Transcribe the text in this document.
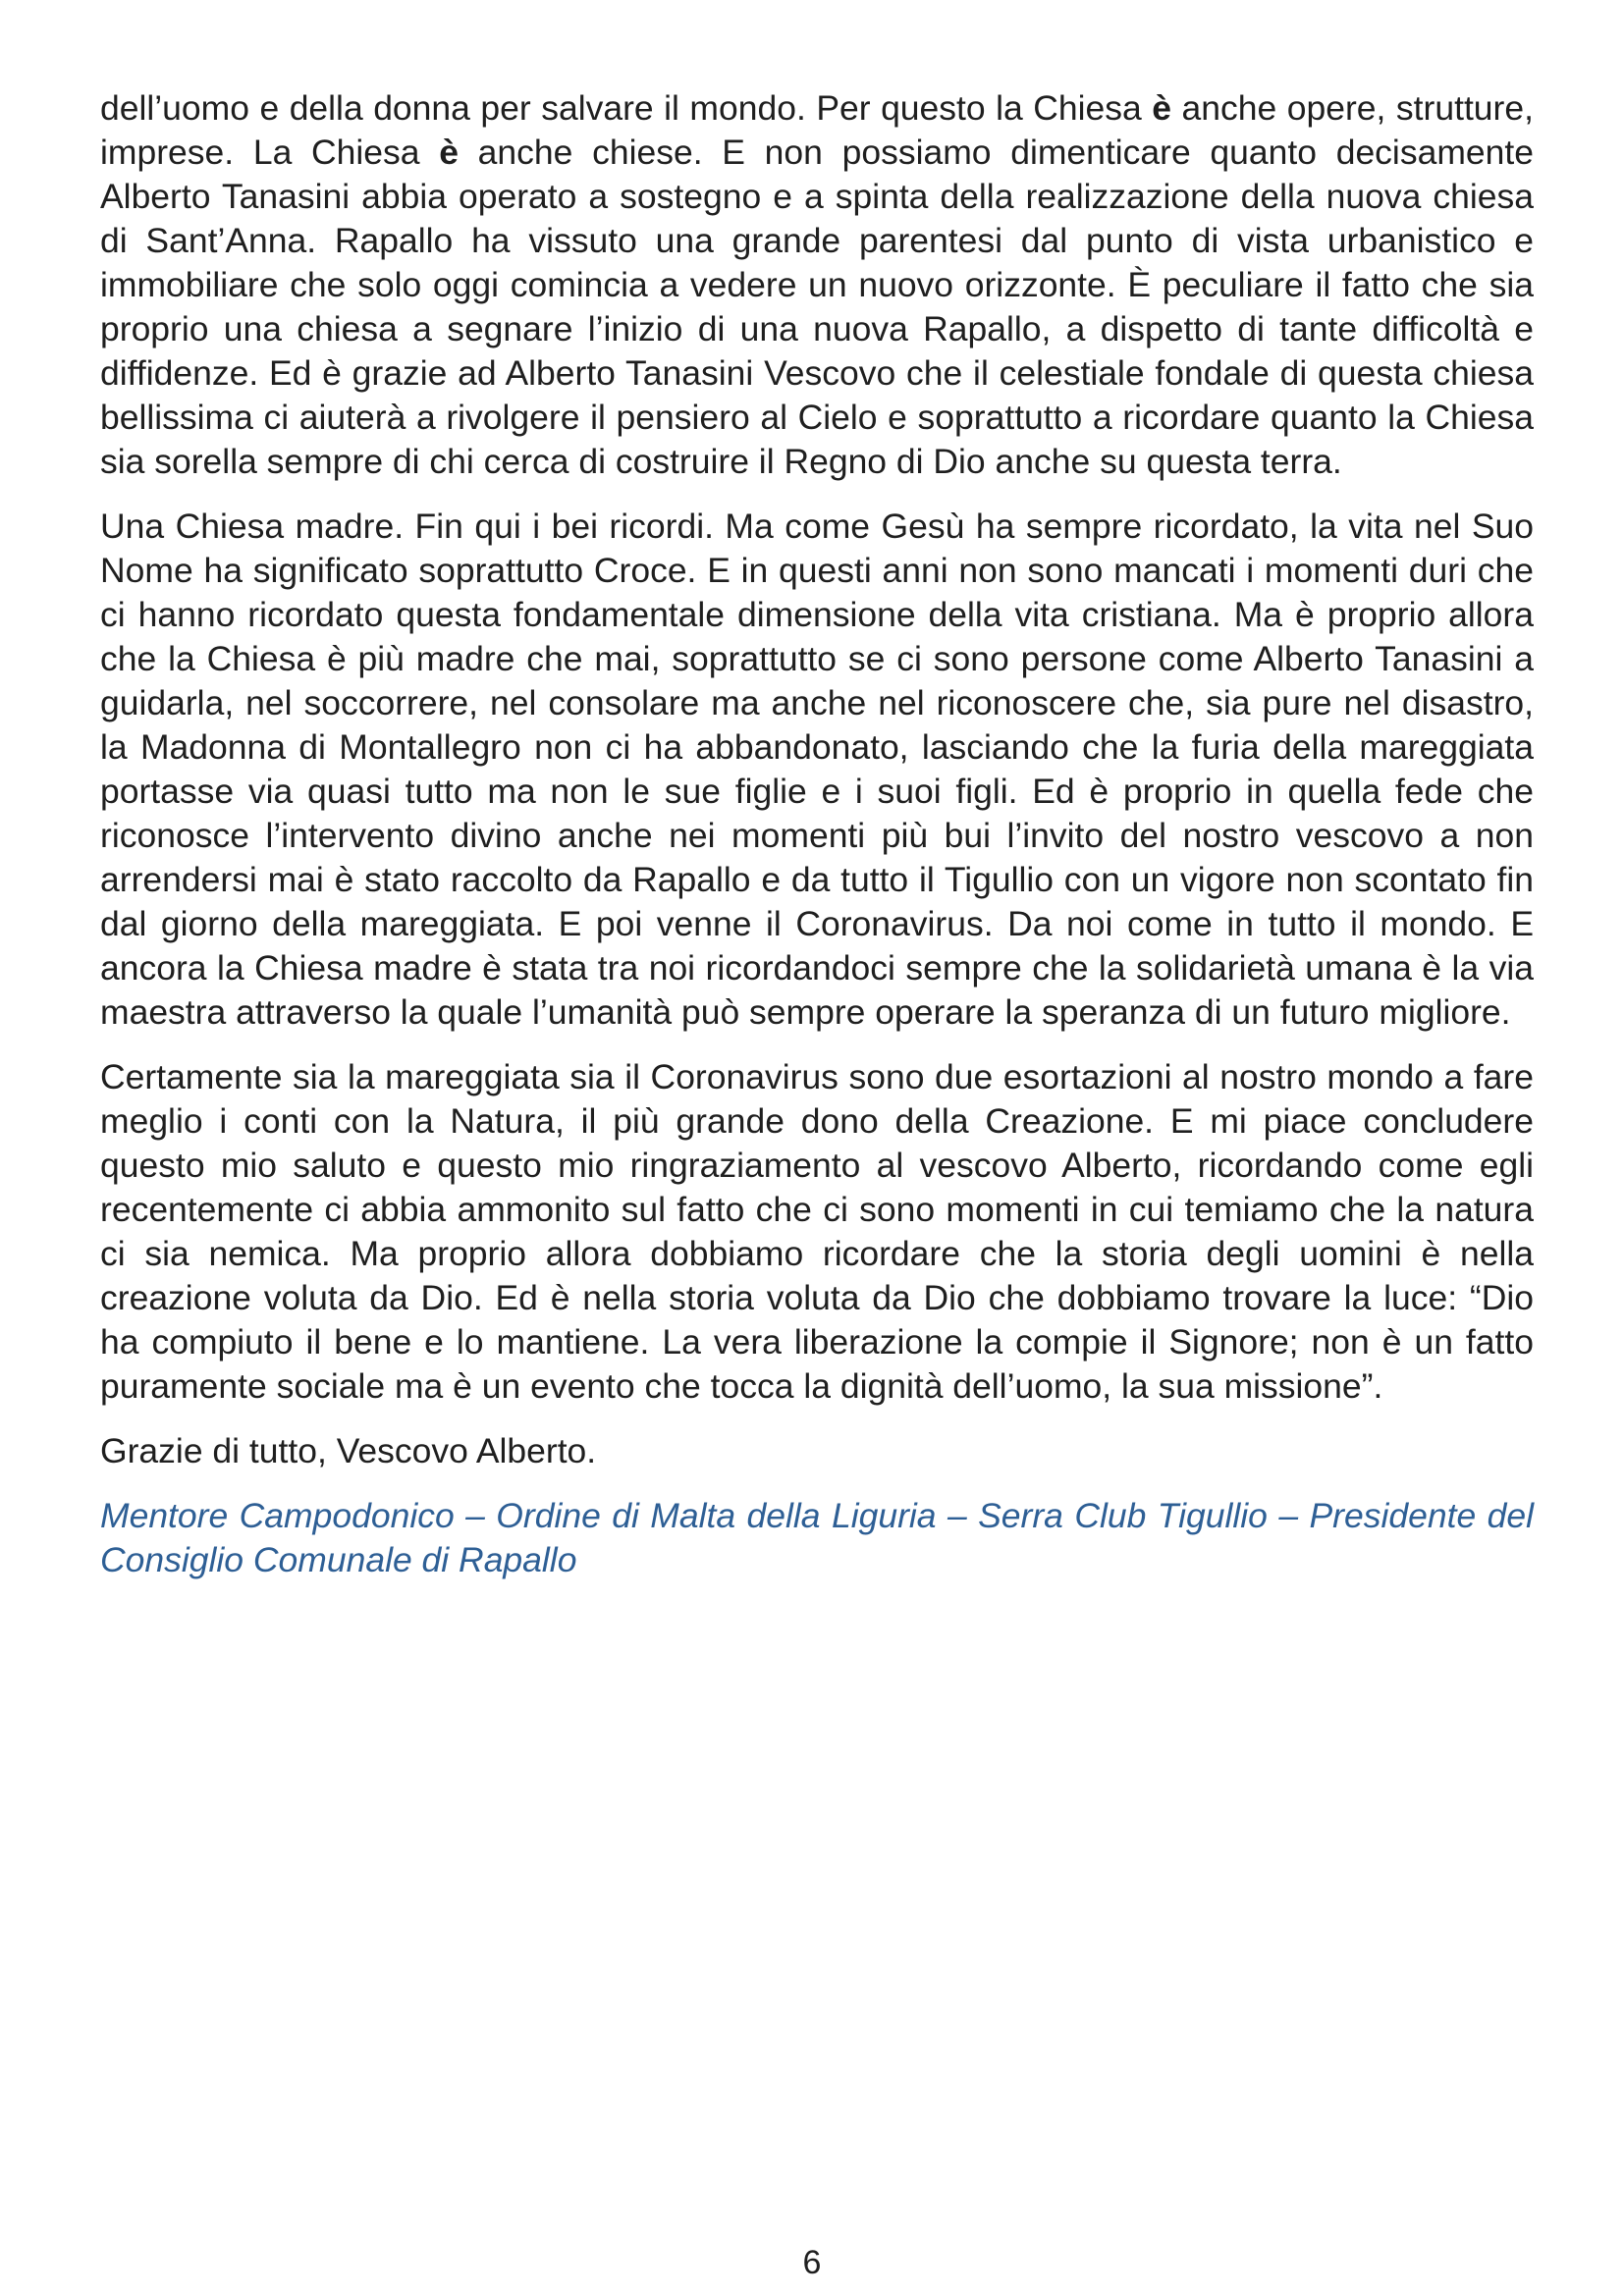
dell’uomo e della donna per salvare il mondo. Per questo la Chiesa è anche opere, strutture, imprese. La Chiesa è anche chiese. E non possiamo dimenticare quanto decisamente Alberto Tanasini abbia operato a sostegno e a spinta della realizzazione della nuova chiesa di Sant’Anna. Rapallo ha vissuto una grande parentesi dal punto di vista urbanistico e immobiliare che solo oggi comincia a vedere un nuovo orizzonte. È peculiare il fatto che sia proprio una chiesa a segnare l’inizio di una nuova Rapallo, a dispetto di tante difficoltà e diffidenze. Ed è grazie ad Alberto Tanasini Vescovo che il celestiale fondale di questa chiesa bellissima ci aiuterà a rivolgere il pensiero al Cielo e soprattutto a ricordare quanto la Chiesa sia sorella sempre di chi cerca di costruire il Regno di Dio anche su questa terra.

Una Chiesa madre. Fin qui i bei ricordi. Ma come Gesù ha sempre ricordato, la vita nel Suo Nome ha significato soprattutto Croce. E in questi anni non sono mancati i momenti duri che ci hanno ricordato questa fondamentale dimensione della vita cristiana. Ma è proprio allora che la Chiesa è più madre che mai, soprattutto se ci sono persone come Alberto Tanasini a guidarla, nel soccorrere, nel consolare ma anche nel riconoscere che, sia pure nel disastro, la Madonna di Montallegro non ci ha abbandonato, lasciando che la furia della mareggiata portasse via quasi tutto ma non le sue figlie e i suoi figli. Ed è proprio in quella fede che riconosce l’intervento divino anche nei momenti più bui l’invito del nostro vescovo a non arrendersi mai è stato raccolto da Rapallo e da tutto il Tigullio con un vigore non scontato fin dal giorno della mareggiata. E poi venne il Coronavirus. Da noi come in tutto il mondo. E ancora la Chiesa madre è stata tra noi ricordandoci sempre che la solidarietà umana è la via maestra attraverso la quale l’umanità può sempre operare la speranza di un futuro migliore.

Certamente sia la mareggiata sia il Coronavirus sono due esortazioni al nostro mondo a fare meglio i conti con la Natura, il più grande dono della Creazione. E mi piace concludere questo mio saluto e questo mio ringraziamento al vescovo Alberto, ricordando come egli recentemente ci abbia ammonito sul fatto che ci sono momenti in cui temiamo che la natura ci sia nemica. Ma proprio allora dobbiamo ricordare che la storia degli uomini è nella creazione voluta da Dio. Ed è nella storia voluta da Dio che dobbiamo trovare la luce: “Dio ha compiuto il bene e lo mantiene. La vera liberazione la compie il Signore; non è un fatto puramente sociale ma è un evento che tocca la dignità dell’uomo, la sua missione”.

Grazie di tutto, Vescovo Alberto.

Mentore Campodonico – Ordine di Malta della Liguria – Serra Club Tigullio – Presidente del Consiglio Comunale di Rapallo

6
